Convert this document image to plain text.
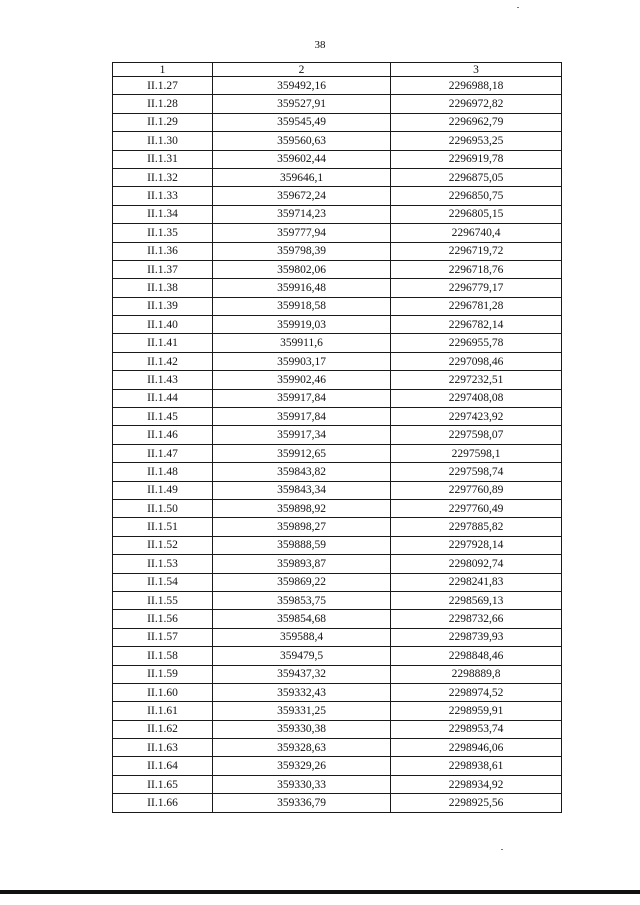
38
1	2	3
II.1.27	359492,16	2296988,18
II.1.28	359527,91	2296972,82
II.1.29	359545,49	2296962,79
II.1.30	359560,63	2296953,25
II.1.31	359602,44	2296919,78
II.1.32	359646,1	2296875,05
II.1.33	359672,24	2296850,75
II.1.34	359714,23	2296805,15
II.1.35	359777,94	2296740,4
II.1.36	359798,39	2296719,72
II.1.37	359802,06	2296718,76
II.1.38	359916,48	2296779,17
II.1.39	359918,58	2296781,28
II.1.40	359919,03	2296782,14
II.1.41	359911,6	2296955,78
II.1.42	359903,17	2297098,46
II.1.43	359902,46	2297232,51
II.1.44	359917,84	2297408,08
II.1.45	359917,84	2297423,92
II.1.46	359917,34	2297598,07
II.1.47	359912,65	2297598,1
II.1.48	359843,82	2297598,74
II.1.49	359843,34	2297760,89
II.1.50	359898,92	2297760,49
II.1.51	359898,27	2297885,82
II.1.52	359888,59	2297928,14
II.1.53	359893,87	2298092,74
II.1.54	359869,22	2298241,83
II.1.55	359853,75	2298569,13
II.1.56	359854,68	2298732,66
II.1.57	359588,4	2298739,93
II.1.58	359479,5	2298848,46
II.1.59	359437,32	2298889,8
II.1.60	359332,43	2298974,52
II.1.61	359331,25	2298959,91
II.1.62	359330,38	2298953,74
II.1.63	359328,63	2298946,06
II.1.64	359329,26	2298938,61
II.1.65	359330,33	2298934,92
II.1.66	359336,79	2298925,56
